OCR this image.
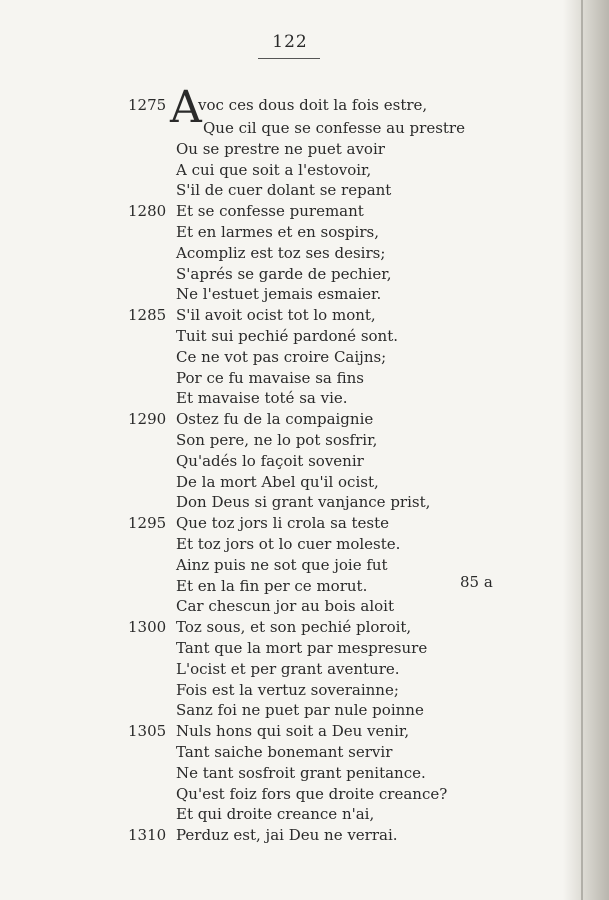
122
1275 A
voc ces dous doit la fois estre,
Que cil que se confesse au prestre
Ou se prestre ne puet avoir
A cui que soit a l'estovoir,
S'il de cuer dolant se repant
1280 Et se confesse puremant
Et en larmes et en sospirs,
Acompliz est toz ses desirs;
S'aprés se garde de pechier,
Ne l'estuet jemais esmaier.
1285 S'il avoit ocist tot lo mont,
Tuit sui pechié pardoné sont.
Ce ne vot pas croire Caijns;
Por ce fu mavaise sa fins
Et mavaise toté sa vie.
1290 Ostez fu de la compaignie
Son pere, ne lo pot sosfrir,
Qu'adés lo façoit sovenir
De la mort Abel qu'il ocist,
Don Deus si grant vanjance prist,
1295 Que toz jors li crola sa teste
Et toz jors ot lo cuer moleste.
Ainz puis ne sot que joie fut
Et en la fin per ce morut.
Car chescun jor au bois aloit
1300 Toz sous, et son pechié ploroit,
Tant que la mort par mespresure
L'ocist et per grant aventure.
Fois est la vertuz soverainne;
Sanz foi ne puet par nule poinne
1305 Nuls hons qui soit a Deu venir,
Tant saiche bonemant servir
Ne tant sosfroit grant penitance.
Qu'est foiz fors que droite creance?
Et qui droite creance n'ai,
1310 Perduz est, jai Deu ne verrai.
85 a
